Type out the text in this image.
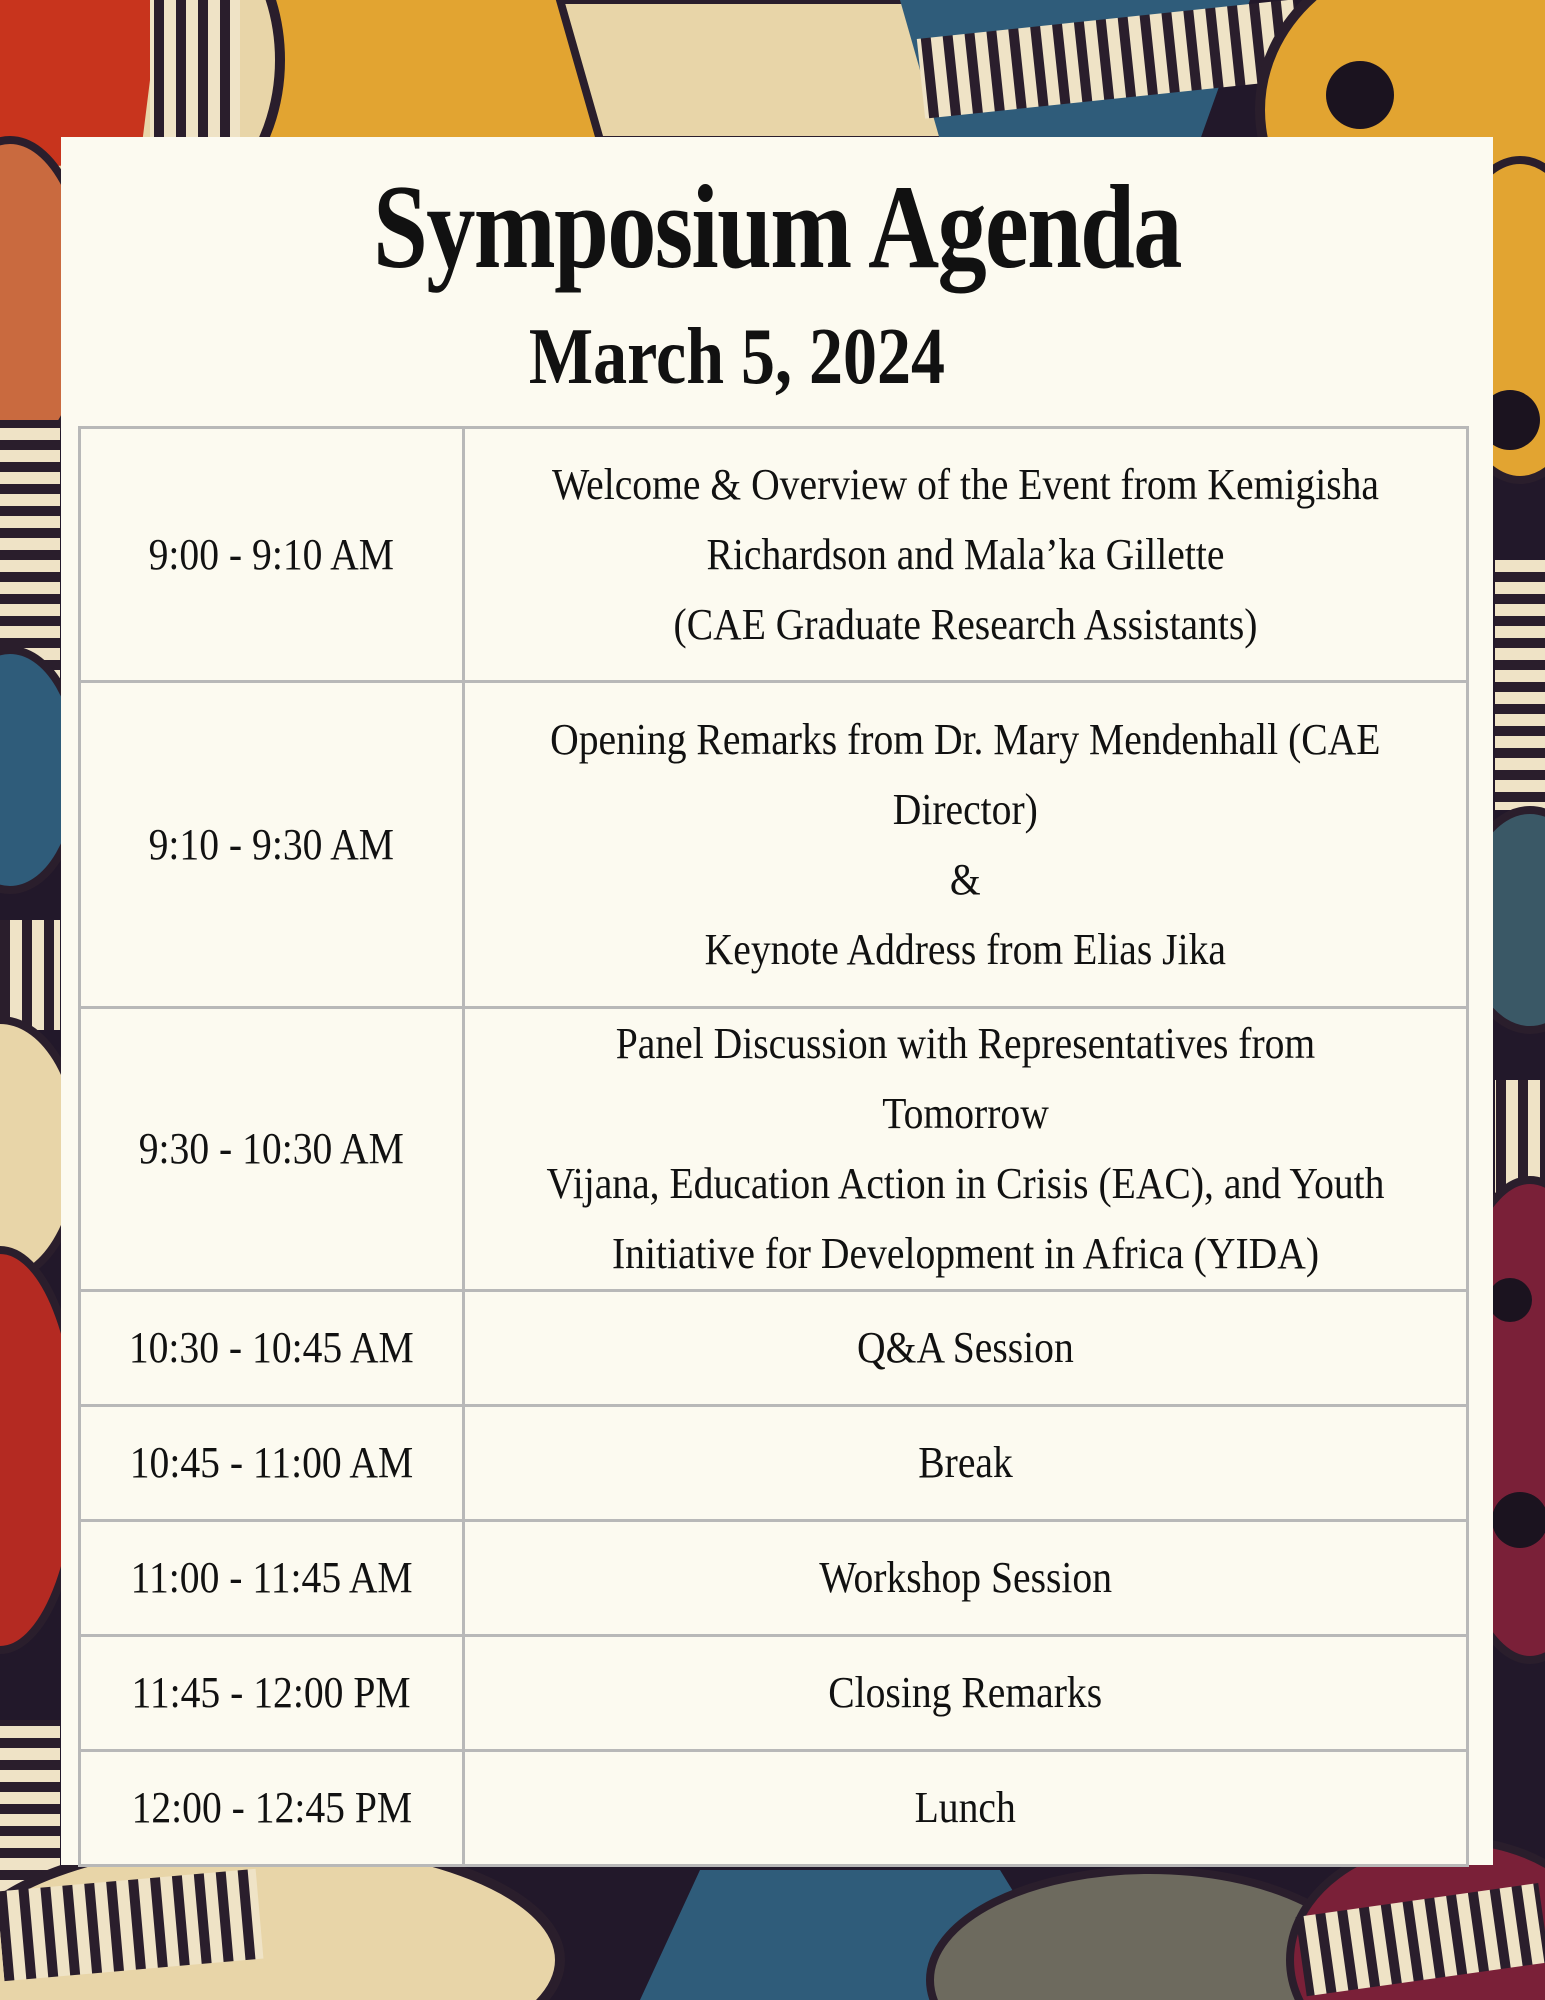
Symposium Agenda
March 5, 2024
9:00 - 9:10 AM	Welcome & Overview of the Event from Kemigisha
Richardson and Mala’ka Gillette
(CAE Graduate Research Assistants)

9:10 - 9:30 AM	Opening Remarks from Dr. Mary Mendenhall (CAE
Director)
&
Keynote Address from Elias Jika

9:30 - 10:30 AM	Panel Discussion with Representatives from Tomorrow
Vijana, Education Action in Crisis (EAC), and Youth
Initiative for Development in Africa (YIDA)

10:30 - 10:45 AM	Q&A Session

10:45 - 11:00 AM	Break

11:00 - 11:45 AM	Workshop Session

11:45 - 12:00 PM	Closing Remarks

12:00 - 12:45 PM	Lunch
